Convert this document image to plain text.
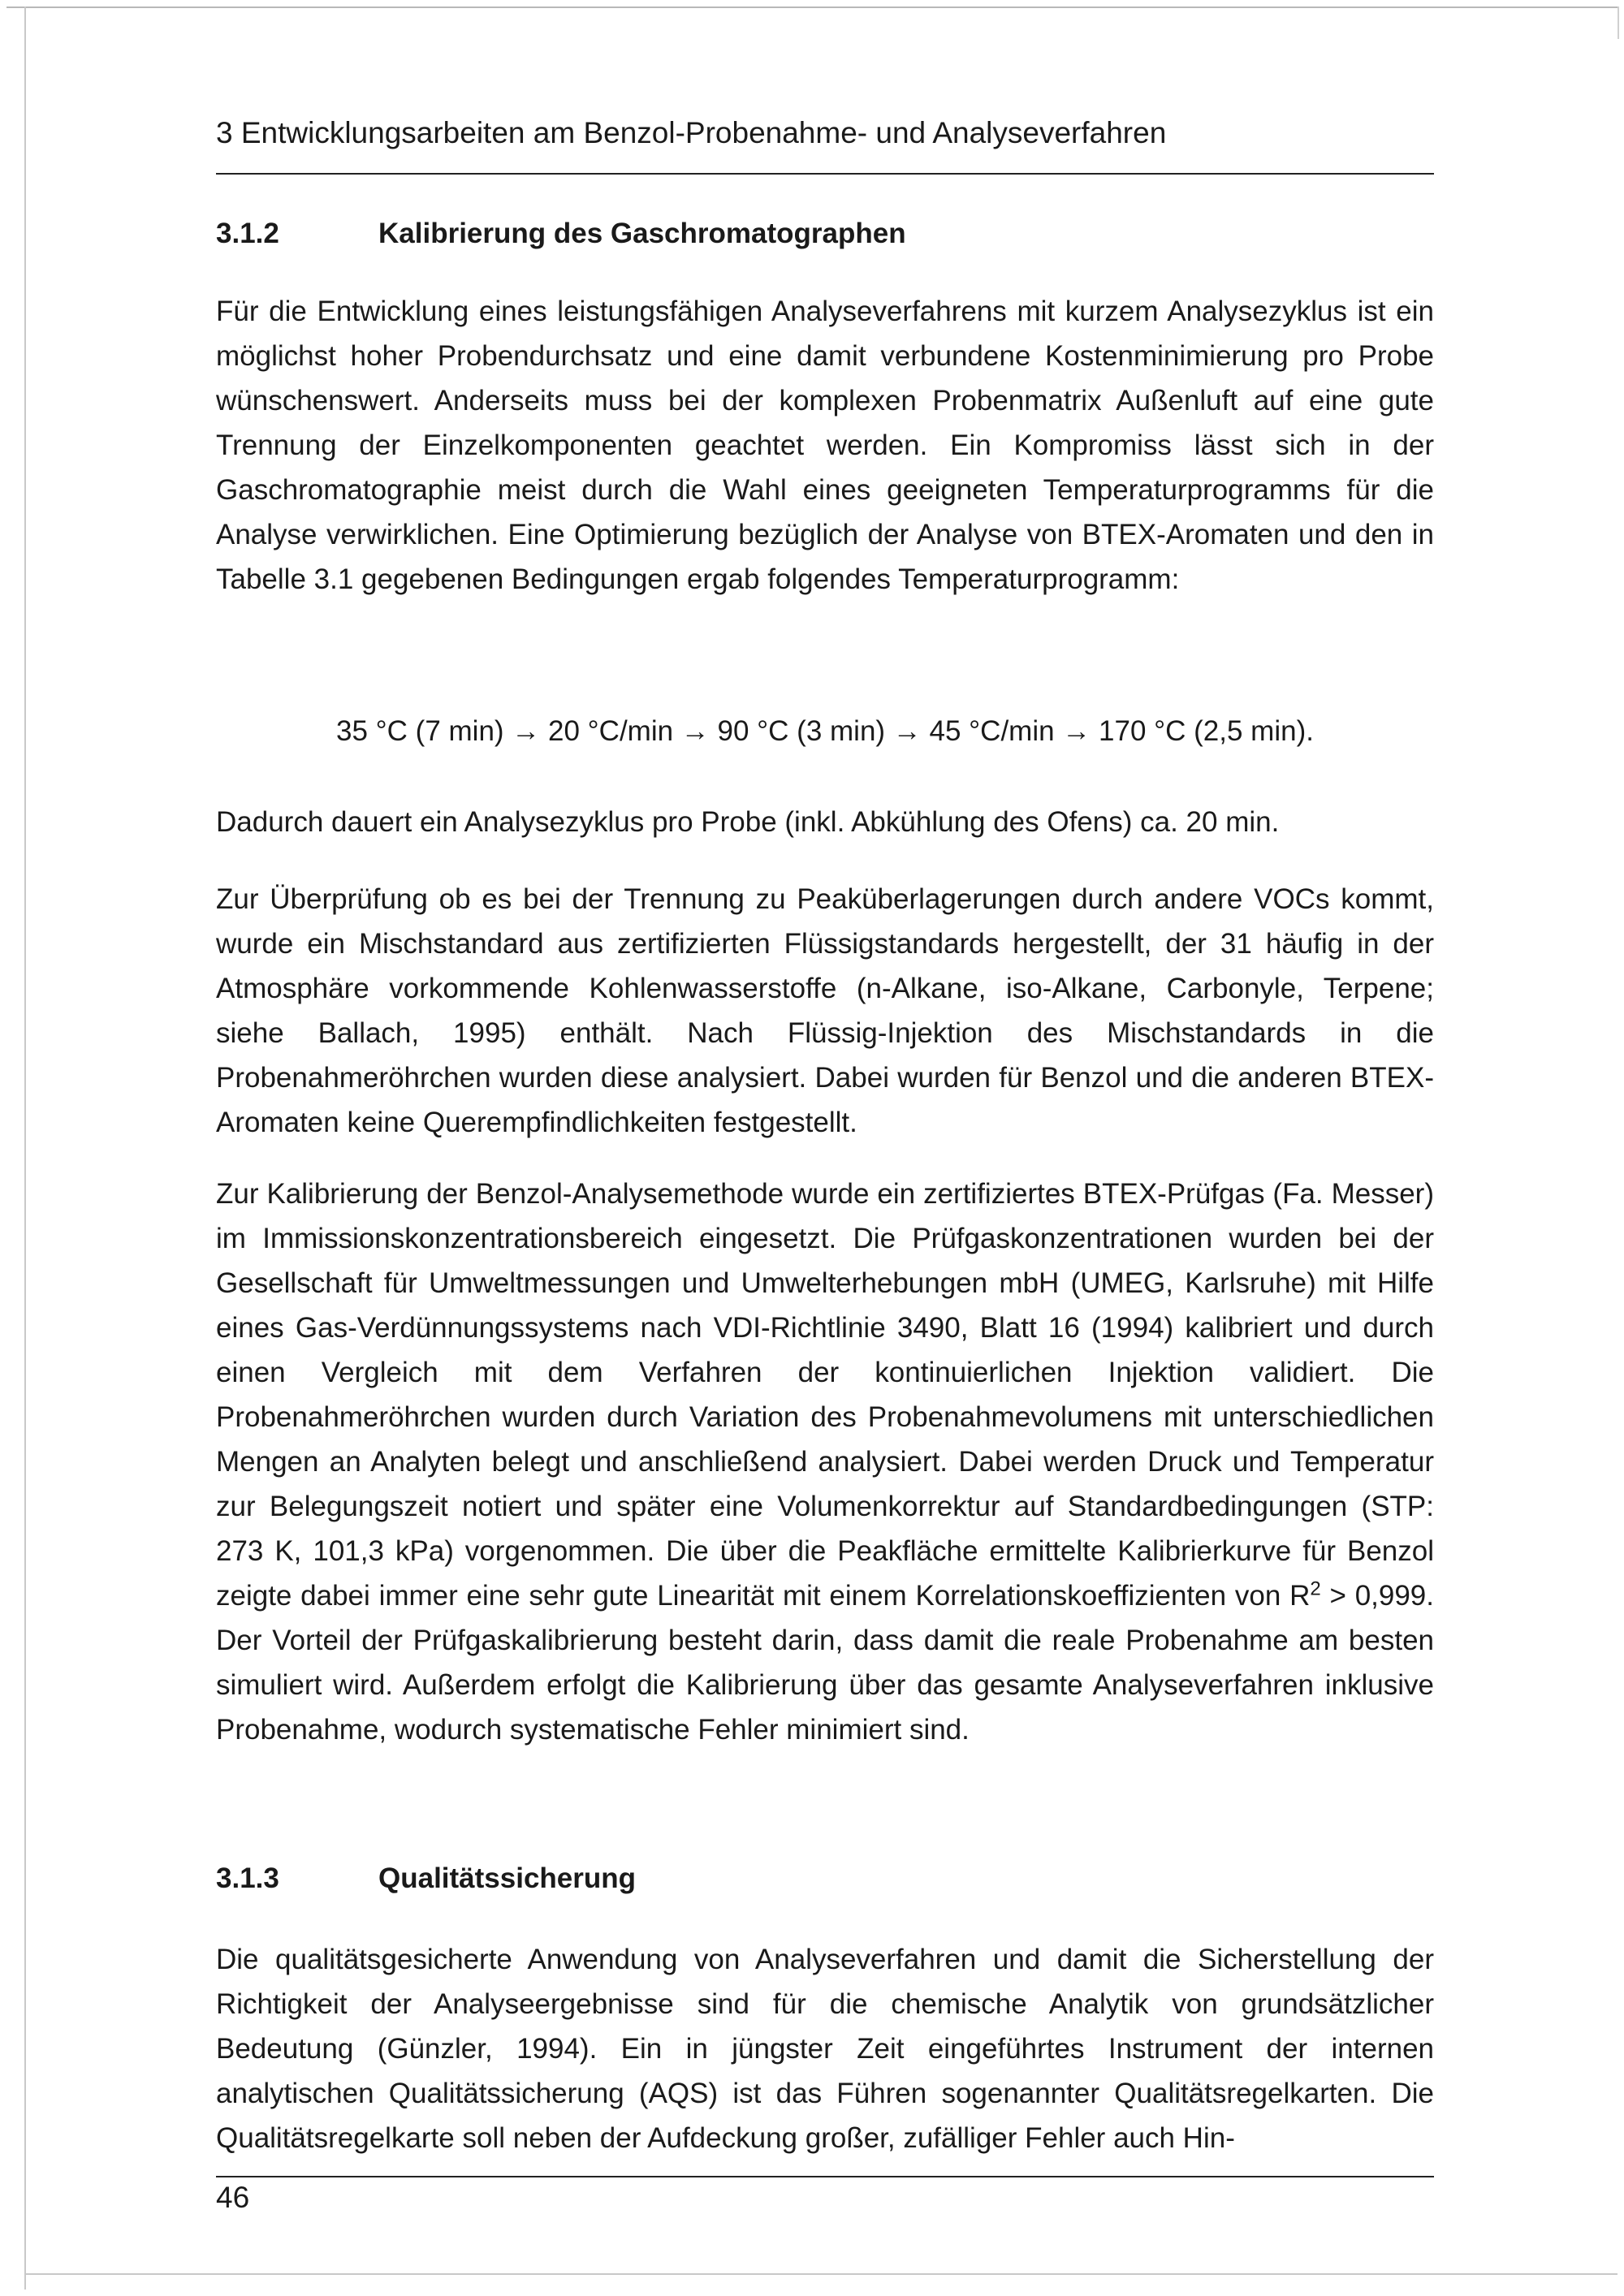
3 Entwicklungsarbeiten am Benzol-Probenahme- und Analyseverfahren
3.1.2	Kalibrierung des Gaschromatographen
Für die Entwicklung eines leistungsfähigen Analyseverfahrens mit kurzem Analysezyklus ist ein möglichst hoher Probendurchsatz und eine damit verbundene Kostenminimierung pro Probe wünschenswert. Anderseits muss bei der komplexen Probenmatrix Außenluft auf eine gute Trennung der Einzelkomponenten geachtet werden. Ein Kompromiss lässt sich in der Gaschromatographie meist durch die Wahl eines geeigneten Temperaturprogramms für die Analyse verwirklichen. Eine Optimierung bezüglich der Analyse von BTEX-Aromaten und den in Tabelle 3.1 gegebenen Bedingungen ergab folgendes Temperaturprogramm:
35 °C (7 min) → 20 °C/min → 90 °C (3 min) → 45 °C/min → 170 °C (2,5 min).
Dadurch dauert ein Analysezyklus pro Probe (inkl. Abkühlung des Ofens) ca. 20 min.
Zur Überprüfung ob es bei der Trennung zu Peaküberlagerungen durch andere VOCs kommt, wurde ein Mischstandard aus zertifizierten Flüssigstandards hergestellt, der 31 häufig in der Atmosphäre vorkommende Kohlenwasserstoffe (n-Alkane, iso-Alkane, Carbonyle, Terpene; siehe Ballach, 1995) enthält. Nach Flüssig-Injektion des Mischstandards in die Probenahmeröhrchen wurden diese analysiert. Dabei wurden für Benzol und die anderen BTEX-Aromaten keine Querempfindlichkeiten festgestellt.
Zur Kalibrierung der Benzol-Analysemethode wurde ein zertifiziertes BTEX-Prüfgas (Fa. Messer) im Immissionskonzentrationsbereich eingesetzt. Die Prüfgaskonzentrationen wurden bei der Gesellschaft für Umweltmessungen und Umwelterhebungen mbH (UMEG, Karlsruhe) mit Hilfe eines Gas-Verdünnungssystems nach VDI-Richtlinie 3490, Blatt 16 (1994) kalibriert und durch einen Vergleich mit dem Verfahren der kontinuierlichen Injektion validiert. Die Probenahmeröhrchen wurden durch Variation des Probenahmevolumens mit unterschiedlichen Mengen an Analyten belegt und anschließend analysiert. Dabei werden Druck und Temperatur zur Belegungszeit notiert und später eine Volumenkorrektur auf Standardbedingungen (STP: 273 K, 101,3 kPa) vorgenommen. Die über die Peakfläche ermittelte Kalibrierkurve für Benzol zeigte dabei immer eine sehr gute Linearität mit einem Korrelationskoeffizienten von $R^2 > 0,999$. Der Vorteil der Prüfgaskalibrierung besteht darin, dass damit die reale Probenahme am besten simuliert wird. Außerdem erfolgt die Kalibrierung über das gesamte Analyseverfahren inklusive Probenahme, wodurch systematische Fehler minimiert sind.
3.1.3	Qualitätssicherung
Die qualitätsgesicherte Anwendung von Analyseverfahren und damit die Sicherstellung der Richtigkeit der Analyseergebnisse sind für die chemische Analytik von grundsätzlicher Bedeutung (Günzler, 1994). Ein in jüngster Zeit eingeführtes Instrument der internen analytischen Qualitätssicherung (AQS) ist das Führen sogenannter Qualitätsregelkarten. Die Qualitätsregelkarte soll neben der Aufdeckung großer, zufälliger Fehler auch Hin-
46
